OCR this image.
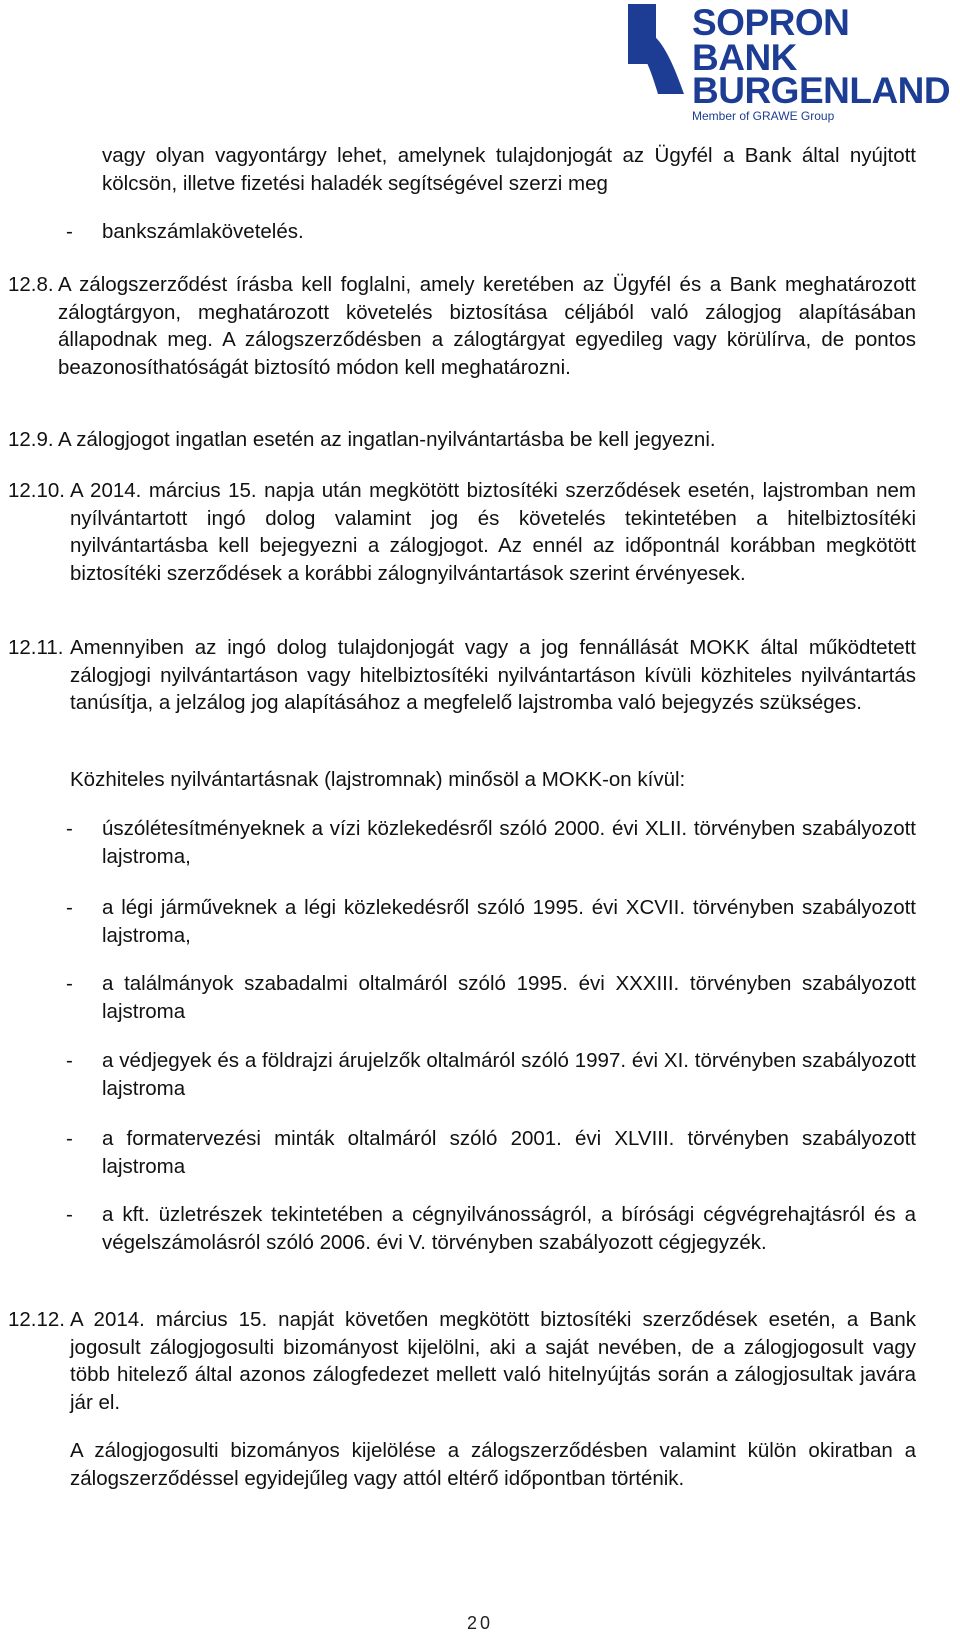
SOPRON
BANK
BURGENLAND
Member of GRAWE Group
vagy olyan vagyontárgy lehet, amelynek tulajdonjogát az Ügyfél a Bank által nyújtott kölcsön, illetve fizetési haladék segítségével szerzi meg
- bankszámlakövetelés.
12.8. A zálogszerződést írásba kell foglalni, amely keretében az Ügyfél és a Bank meghatározott zálogtárgyon, meghatározott követelés biztosítása céljából való zálogjog alapításában állapodnak meg. A zálogszerződésben a zálogtárgyat egyedileg vagy körülírva, de pontos beazonosíthatóságát biztosító módon kell meghatározni.
12.9. A zálogjogot ingatlan esetén az ingatlan-nyilvántartásba be kell jegyezni.
12.10. A 2014. március 15. napja után megkötött biztosítéki szerződések esetén, lajstromban nem nyílvántartott ingó dolog valamint jog és követelés tekintetében a hitelbiztosítéki nyilvántartásba kell bejegyezni a zálogjogot. Az ennél az időpontnál korábban megkötött biztosítéki szerződések a korábbi zálognyilvántartások szerint érvényesek.
12.11. Amennyiben az ingó dolog tulajdonjogát vagy a jog fennállását MOKK által működtetett zálogjogi nyilvántartáson vagy hitelbiztosítéki nyilvántartáson kívüli közhiteles nyilvántartás tanúsítja, a jelzálog jog alapításához a megfelelő lajstromba való bejegyzés szükséges.
Közhiteles nyilvántartásnak (lajstromnak) minősöl a MOKK-on kívül:
- úszólétesítményeknek a vízi közlekedésről szóló 2000. évi XLII. törvényben szabályozott lajstroma,
- a légi járműveknek a légi közlekedésről szóló 1995. évi XCVII. törvényben szabályozott lajstroma,
- a találmányok szabadalmi oltalmáról szóló 1995. évi XXXIII. törvényben szabályozott lajstroma
- a védjegyek és a földrajzi árujelzők oltalmáról szóló 1997. évi XI. törvényben szabályozott lajstroma
- a formatervezési minták oltalmáról szóló 2001. évi XLVIII. törvényben szabályozott lajstroma
- a kft. üzletrészek tekintetében a cégnyilvánosságról, a bírósági cégvégrehajtásról és a végelszámolásról szóló 2006. évi V. törvényben szabályozott cégjegyzék.
12.12. A 2014. március 15. napját követően megkötött biztosítéki szerződések esetén, a Bank jogosult zálogjogosulti bizományost kijelölni, aki a saját nevében, de a zálogjogosult vagy több hitelező által azonos zálogfedezet mellett való hitelnyújtás során a zálogjosultak javára jár el.
A zálogjogosulti bizományos kijelölése a zálogszerződésben valamint külön okiratban a zálogszerződéssel egyidejűleg vagy attól eltérő időpontban történik.
20
